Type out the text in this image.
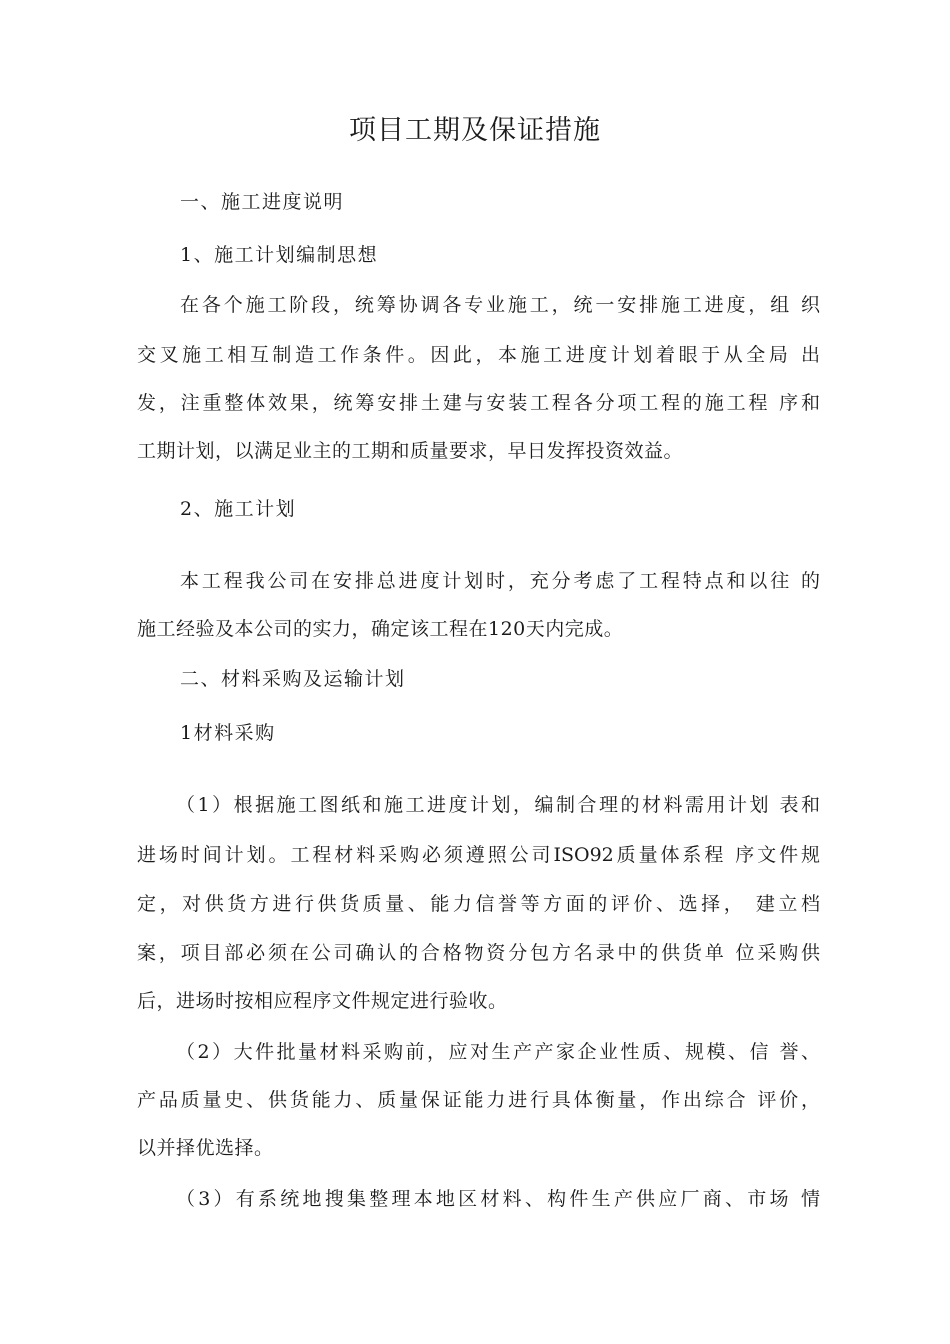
项目工期及保证措施
一、施工进度说明
1、施工计划编制思想
在各个施工阶段，统筹协调各专业施工，统一安排施工进度，组 织
交叉施工相互制造工作条件。因此，本施工进度计划着眼于从全局 出
发，注重整体效果，统筹安排土建与安装工程各分项工程的施工程 序和
工期计划，以满足业主的工期和质量要求，早日发挥投资效益。
2、施工计划
本工程我公司在安排总进度计划时，充分考虑了工程特点和以往 的
施工经验及本公司的实力，确定该工程在120天内完成。
二、材料采购及运输计划
1材料采购
（1）根据施工图纸和施工进度计划，编制合理的材料需用计划 表和
进场时间计划。工程材料采购必须遵照公司ISO92质量体系程 序文件规
定，对供货方进行供货质量、能力信誉等方面的评价、选择， 建立档
案，项目部必须在公司确认的合格物资分包方名录中的供货单 位采购供
后，进场时按相应程序文件规定进行验收。
（2）大件批量材料采购前，应对生产产家企业性质、规模、信 誉、
产品质量史、供货能力、质量保证能力进行具体衡量，作出综合 评价，
以并择优选择。
（3）有系统地搜集整理本地区材料、构件生产供应厂商、市场 情
